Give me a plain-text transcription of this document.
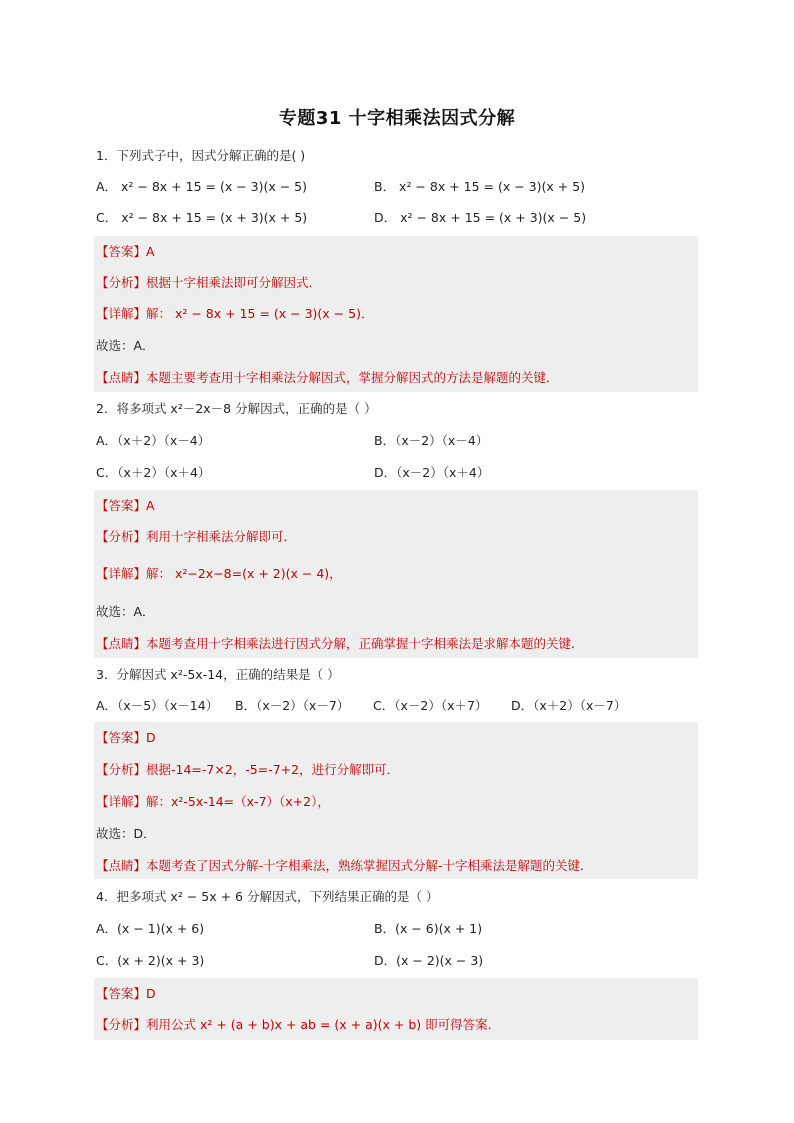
专题31 十字相乘法因式分解
1．下列式子中，因式分解正确的是( )
A． x² − 8x + 15 = (x − 3)(x − 5)	B． x² − 8x + 15 = (x − 3)(x + 5)
C． x² − 8x + 15 = (x + 3)(x + 5)	D． x² − 8x + 15 = (x + 3)(x − 5)
【答案】A
【分析】根据十字相乘法即可分解因式．
【详解】解： x² − 8x + 15 = (x − 3)(x − 5)．
故选：A．
【点睛】本题主要考查用十字相乘法分解因式，掌握分解因式的方法是解题的关键．
2．将多项式 x²－2x－8 分解因式，正确的是（ ）
A．（x＋2）（x－4）	B．（x－2）（x－4）
C．（x＋2）（x＋4）	D．（x－2）（x＋4）
【答案】A
【分析】利用十字相乘法分解即可．
【详解】解： x²−2x−8=(x + 2)(x − 4)，
故选：A．
【点睛】本题考查用十字相乘法进行因式分解，正确掌握十字相乘法是求解本题的关键．
3．分解因式 x²-5x-14，正确的结果是（ ）
A．（x－5）（x－14） B．（x－2）（x－7） C．（x－2）（x＋7） D．（x＋2）（x－7）
【答案】D
【分析】根据-14=-7×2，-5=-7+2，进行分解即可．
【详解】解：x²-5x-14=（x-7）（x+2），
故选：D．
【点睛】本题考查了因式分解-十字相乘法，熟练掌握因式分解-十字相乘法是解题的关键．
4．把多项式 x² − 5x + 6 分解因式，下列结果正确的是（ ）
A．(x − 1)(x + 6)	B．(x − 6)(x + 1)
C．(x + 2)(x + 3)	D．(x − 2)(x − 3)
【答案】D
【分析】利用公式 x² + (a + b)x + ab = (x + a)(x + b) 即可得答案．
